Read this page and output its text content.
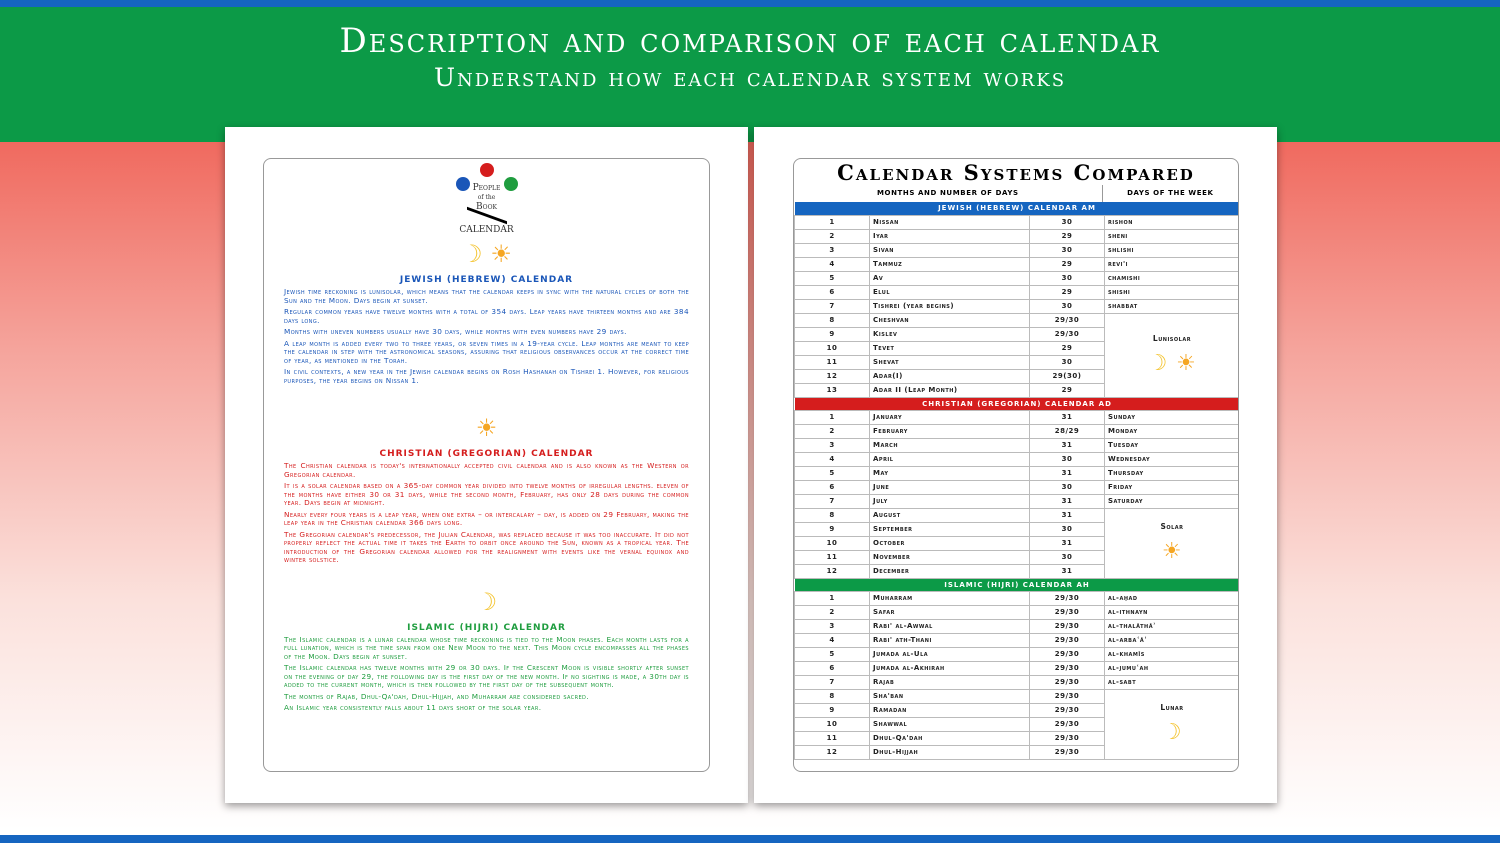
Description and comparison of each calendar
Understand how each calendar system works
People
of the
Book
CALENDAR
☽ ☀
JEWISH (HEBREW) CALENDAR
Jewish time reckoning is lunisolar, which means that the calendar keeps in sync with the natural cycles of both the Sun and the Moon. Days begin at sunset.
Regular common years have twelve months with a total of 354 days. Leap years have thirteen months and are 384 days long.
Months with uneven numbers usually have 30 days, while months with even numbers have 29 days.
A leap month is added every two to three years, or seven times in a 19-year cycle. Leap months are meant to keep the calendar in step with the astronomical seasons, assuring that religious observances occur at the correct time of year, as mentioned in the Torah.
In civil contexts, a new year in the Jewish calendar begins on Rosh Hashanah on Tishrei 1. However, for religious purposes, the year begins on Nissan 1.
☀
CHRISTIAN (GREGORIAN) CALENDAR
The Christian calendar is today's internationally accepted civil calendar and is also known as the Western or Gregorian calendar.
It is a solar calendar based on a 365-day common year divided into twelve months of irregular lengths. eleven of the months have either 30 or 31 days, while the second month, February, has only 28 days during the common year. Days begin at midnight.
Nearly every four years is a leap year, when one extra – or intercalary – day, is added on 29 February, making the leap year in the Christian calendar 366 days long.
The Gregorian calendar's predecessor, the Julian Calendar, was replaced because it was too inaccurate. It did not properly reflect the actual time it takes the Earth to orbit once around the Sun, known as a tropical year. The introduction of the Gregorian calendar allowed for the realignment with events like the vernal equinox and winter solstice.
☽
ISLAMIC (HIJRI) CALENDAR
The Islamic calendar is a lunar calendar whose time reckoning is tied to the Moon phases. Each month lasts for a full lunation, which is the time span from one New Moon to the next. This Moon cycle encompasses all the phases of the Moon. Days begin at sunset.
The Islamic calendar has twelve months with 29 or 30 days. If the Crescent Moon is visible shortly after sunset on the evening of day 29, the following day is the first day of the new month. If no sighting is made, a 30th day is added to the current month, which is then followed by the first day of the subsequent month.
The months of Rajab, Dhul-Qa'dah, Dhul-Hijjah, and Muharram are considered sacred.
An Islamic year consistently falls about 11 days short of the solar year.
Calendar Systems Compared
MONTHS AND NUMBER OF DAYS	DAYS OF THE WEEK
JEWISH (HEBREW) CALENDAR AM			
1	Nissan	30	rishon
2	Iyar	29	sheni
3	Sivan	30	shlishi
4	Tammuz	29	revi'i
5	Av	30	chamishi
6	Elul	29	shishi
7	Tishrei (year begins)	30	shabbat
8	Cheshvan	29/30	Lunisolar
☽ ☀

9	Kislev	29/30	
10	Tevet	29	
11	Shevat	30	
12	Adar(I)	29(30)	
13	Adar II (Leap Month)	29	
CHRISTIAN (GREGORIAN) CALENDAR AD			
1	January	31	Sunday
2	February	28/29	Monday
3	March	31	Tuesday
4	April	30	Wednesday
5	May	31	Thursday
6	June	30	Friday
7	July	31	Saturday
8	August	31	Solar
☀

9	September	30	
10	October	31	
11	November	30	
12	December	31	
ISLAMIC (HIJRI) CALENDAR AH			
1	Muharram	29/30	al-aḥad
2	Safar	29/30	al-ithnayn
3	Rabi' al-Awwal	29/30	al-thalāthāʾ
4	Rabi' ath-Thani	29/30	al-arbaʿāʾ
5	Jumada al-Ula	29/30	al-khamīs
6	Jumada al-Akhirah	29/30	al-jumuʿah
7	Rajab	29/30	al-sabt
8	Sha'ban	29/30	Lunar
☽

9	Ramadan	29/30	
10	Shawwal	29/30	
11	Dhul-Qa'dah	29/30	
12	Dhul-Hijjah	29/30	
